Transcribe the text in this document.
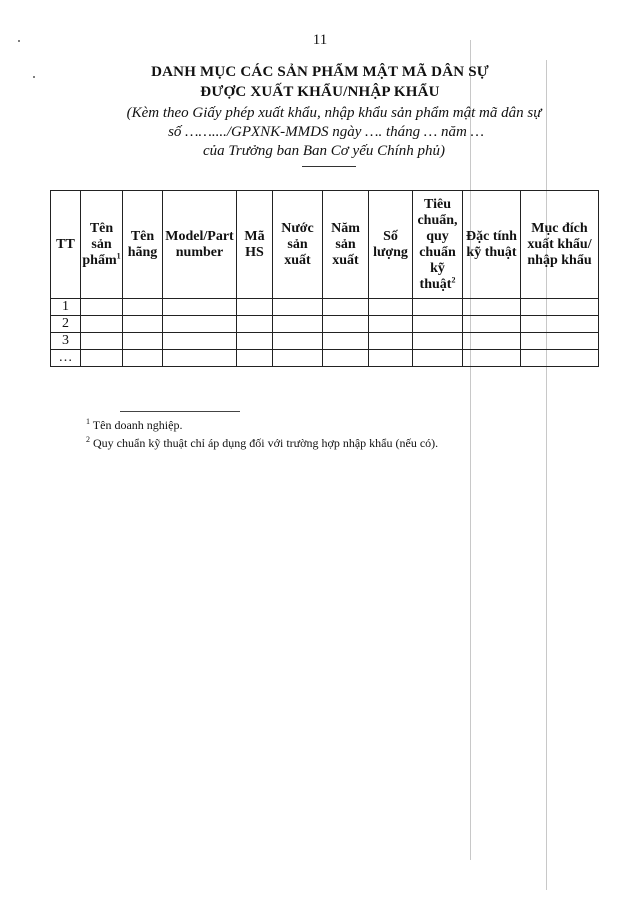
11
DANH MỤC CÁC SẢN PHẨM MẬT MÃ DÂN SỰ
ĐƯỢC XUẤT KHẨU/NHẬP KHẨU
(Kèm theo Giấy phép xuất khẩu, nhập khẩu sản phẩm mật mã dân sự
số ……..../GPXNK-MMDS ngày …. tháng … năm …
của Trưởng ban Ban Cơ yếu Chính phủ)
TT	Tên sản phẩm$^1$	Tên hãng	Model/Part number	Mã HS	Nước sản xuất	Năm sản xuất	Số lượng	Tiêu chuẩn, quy chuẩn kỹ thuật$^2$	Đặc tính kỹ thuật	Mục đích xuất khẩu/ nhập khẩu
1										
2										
3										
…										
$^1$ Tên doanh nghiệp.
$^2$ Quy chuẩn kỹ thuật chỉ áp dụng đối với trường hợp nhập khẩu (nếu có).
